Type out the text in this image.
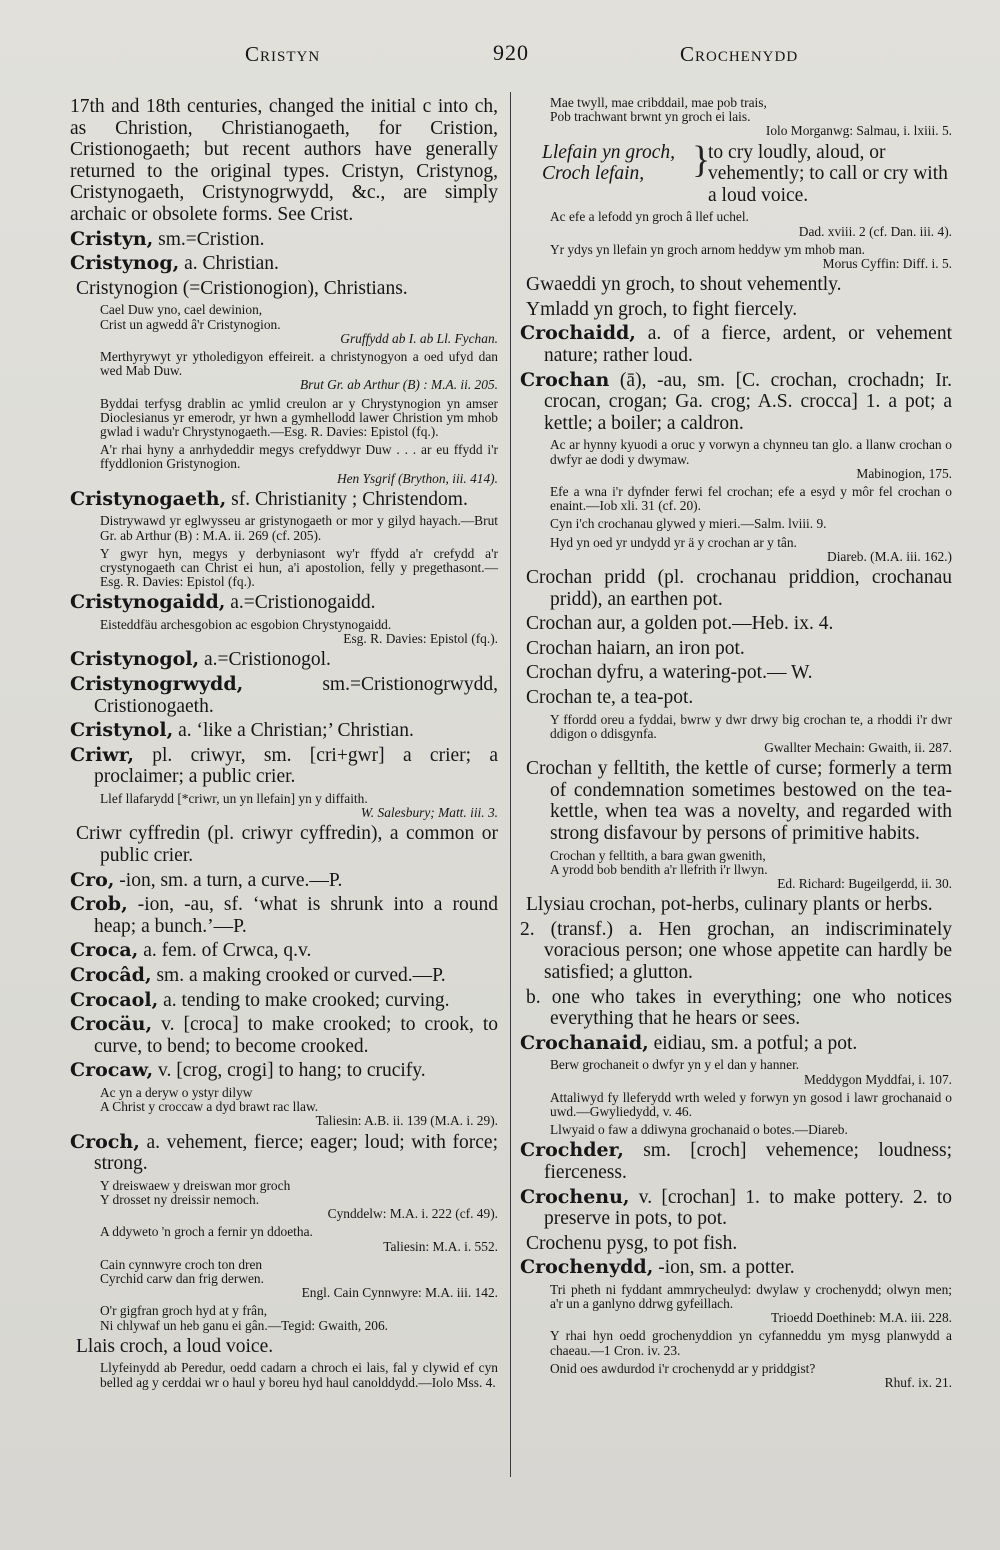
Cristyn	920	Crochenydd

17th and 18th centuries, changed the initial c into ch, as Christion, Christianogaeth, for Cristion, Cristionogaeth; but recent authors have generally returned to the original types. Cristyn, Cristynog, Cristynogaeth, Cristynogrwydd, &c., are simply archaic or obsolete forms. See Crist.

Cristyn, sm.=Cristion.

Cristynog, a. Christian.

Cristynogion (=Cristionogion), Christians.

Cael Duw yno, cael dewinion,
Crist un agwedd â'r Cristynogion.
Gruffydd ab I. ab Ll. Fychan.
Merthyrywyt yr ytholedigyon effeireit. a christynogyon a oed ufyd dan wed Mab Duw.
Brut Gr. ab Arthur (B) : M.A. ii. 205.
Byddai terfysg drablin ac ymlid creulon ar y Chrystynogion yn amser Dioclesianus yr emerodr, yr hwn a gymhellodd lawer Christion ym mhob gwlad i wadu'r Chrystynogaeth.—Esg. R. Davies: Epistol (fq.).
A'r rhai hyny a anrhydeddir megys crefyddwyr Duw . . . ar eu ffydd i'r ffyddlonion Gristynogion.
Hen Ysgrif (Brython, iii. 414).

Cristynogaeth, sf. Christianity ; Christendom.

Distrywawd yr eglwysseu ar gristynogaeth or mor y gilyd hayach.—Brut Gr. ab Arthur (B) : M.A. ii. 269 (cf. 205).
Y gwyr hyn, megys y derbyniasont wy'r ffydd a'r crefydd a'r crystynogaeth can Christ ei hun, a'i apostolion, felly y pregethasont.—Esg. R. Davies: Epistol (fq.).

Cristynogaidd, a.=Cristionogaidd.

Eisteddfäu archesgobion ac esgobion Chrystynogaidd.
Esg. R. Davies: Epistol (fq.).

Cristynogol, a.=Cristionogol.

Cristynogrwydd,	sm.=Cristionogrwydd, Cristionogaeth.

Cristynol, a. ‘like a Christian;’ Christian.

Criwr, pl. criwyr, sm. [cri+gwr] a crier; a proclaimer; a public crier.

Llef llafarydd [*criwr, un yn llefain] yn y diffaith.
W. Salesbury; Matt. iii. 3.

Criwr cyffredin (pl. criwyr cyffredin), a common or public crier.

Cro, -ion, sm. a turn, a curve.—P.

Crob, -ion, -au, sf. ‘what is shrunk into a round heap; a bunch.’—P.

Croca, a. fem. of Crwca, q.v.

Crocâd, sm. a making crooked or curved.—P.

Crocaol, a. tending to make crooked; curving.

Crocäu, v. [croca] to make crooked; to crook, to curve, to bend; to become crooked.

Crocaw, v. [crog, crogi] to hang; to crucify.

Ac yn a deryw o ystyr dilyw
A Christ y croccaw a dyd brawt rac llaw.
Taliesin: A.B. ii. 139 (M.A. i. 29).

Croch, a. vehement, fierce; eager; loud; with force; strong.

Y dreiswaew y dreiswan mor groch
Y drosset ny dreissir nemoch.
Cynddelw: M.A. i. 222 (cf. 49).
A ddyweto 'n groch a fernir yn ddoetha.
Taliesin: M.A. i. 552.
Cain cynnwyre croch ton dren
Cyrchid carw dan frig derwen.
Engl. Cain Cynnwyre: M.A. iii. 142.
O'r gigfran groch hyd at y frân,
Ni chlywaf un heb ganu ei gân.—Tegid: Gwaith, 206.

Llais croch, a loud voice.

Llyfeinydd ab Peredur, oedd cadarn a chroch ei lais, fal y clywid ef cyn belled ag y cerddai wr o haul y boreu hyd haul canolddydd.—Iolo Mss. 4.
Mae twyll, mae cribddail, mae pob trais,
Pob trachwant brwnt yn groch ei lais.
Iolo Morganwg: Salmau, i. lxiii. 5.
Llefain yn groch,
Croch lefain,	}
to cry loudly, aloud, or vehemently; to call or cry with a loud voice.
Ac efe a lefodd yn groch â llef uchel.
Dad. xviii. 2 (cf. Dan. iii. 4).
Yr ydys yn llefain yn groch arnom heddyw ym mhob man.
Morus Cyffin: Diff. i. 5.

Gwaeddi yn groch, to shout vehemently.

Ymladd yn groch, to fight fiercely.

Crochaidd, a. of a fierce, ardent, or vehement nature; rather loud.

Crochan (ā), -au, sm. [C. crochan, crochadn; Ir. crocan, crogan; Ga. crog; A.S. crocca] 1. a pot; a kettle; a boiler; a caldron.

Ac ar hynny kyuodi a oruc y vorwyn a chynneu tan glo. a llanw crochan o dwfyr ae dodi y dwymaw.
Mabinogion, 175.
Efe a wna i'r dyfnder ferwi fel crochan; efe a esyd y môr fel crochan o enaint.—Iob xli. 31 (cf. 20).
Cyn i'ch crochanau glywed y mieri.—Salm. lviii. 9.
Hyd yn oed yr undydd yr ä y crochan ar y tân.
Diareb. (M.A. iii. 162.)

Crochan pridd (pl. crochanau priddion, crochanau pridd), an earthen pot.

Crochan aur, a golden pot.—Heb. ix. 4.

Crochan haiarn, an iron pot.

Crochan dyfru, a watering-pot.— W.

Crochan te, a tea-pot.

Y ffordd oreu a fyddai, bwrw y dwr drwy big crochan te, a rhoddi i'r dwr ddigon o ddisgynfa.
Gwallter Mechain: Gwaith, ii. 287.

Crochan y felltith, the kettle of curse; formerly a term of condemnation sometimes bestowed on the tea-kettle, when tea was a novelty, and regarded with strong disfavour by persons of primitive habits.

Crochan y felltith, a bara gwan gwenith,
A yrodd bob bendith a'r llefrith i'r llwyn.
Ed. Richard: Bugeilgerdd, ii. 30.

Llysiau crochan, pot-herbs, culinary plants or herbs.

2. (transf.) a. Hen grochan, an indiscriminately voracious person; one whose appetite can hardly be satisfied; a glutton.

b. one who takes in everything; one who notices everything that he hears or sees.

Crochanaid, eidiau, sm. a potful; a pot.

Berw grochaneit o dwfyr yn y el dan y hanner.
Meddygon Myddfai, i. 107.
Attaliwyd fy lleferydd wrth weled y forwyn yn gosod i lawr grochanaid o uwd.—Gwyliedydd, v. 46.
Llwyaid o faw a ddiwyna grochanaid o botes.—Diareb.

Crochder, sm. [croch] vehemence; loudness; fierceness.

Crochenu, v. [crochan] 1. to make pottery. 2. to preserve in pots, to pot.

Crochenu pysg, to pot fish.

Crochenydd, -ion, sm. a potter.

Tri pheth ni fyddant ammrycheulyd: dwylaw y crochenydd; olwyn men; a'r un a ganlyno ddrwg gyfeillach.
Trioedd Doethineb: M.A. iii. 228.
Y rhai hyn oedd grochenyddion yn cyfanneddu ym mysg planwydd a chaeau.—1 Cron. iv. 23.
Onid oes awdurdod i'r crochenydd ar y priddgist?
Rhuf. ix. 21.
